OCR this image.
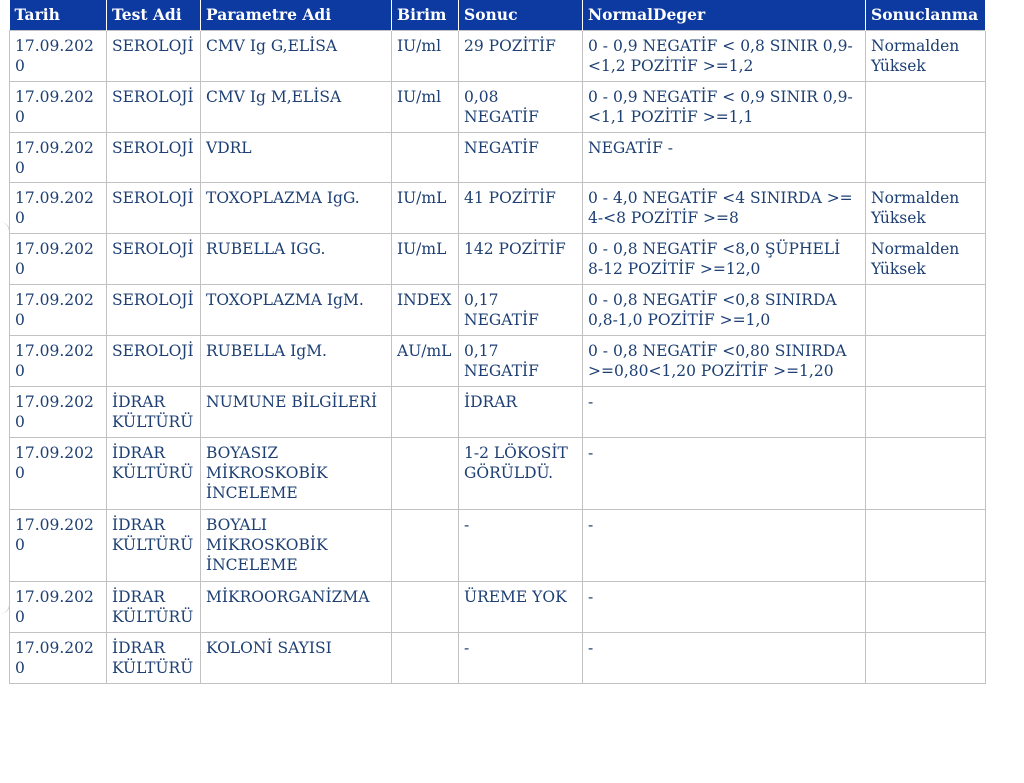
Tarih	Test Adi	Parametre Adi	Birim	Sonuc	NormalDeger	Sonuclanma
17.09.2020	SEROLOJİ	CMV Ig G,ELİSA	IU/ml	29 POZİTİF	0 - 0,9 NEGATİF < 0,8 SINIR 0,9-<1,2 POZİTİF >=1,2	Normalden Yüksek
17.09.2020	SEROLOJİ	CMV Ig M,ELİSA	IU/ml	0,08 NEGATİF	0 - 0,9 NEGATİF < 0,9 SINIR 0,9-<1,1 POZİTİF >=1,1	
17.09.2020	SEROLOJİ	VDRL		NEGATİF	NEGATİF -	
17.09.2020	SEROLOJİ	TOXOPLAZMA IgG.	IU/mL	41 POZİTİF	0 - 4,0 NEGATİF <4 SINIRDA >= 4-<8 POZİTİF >=8	Normalden Yüksek
17.09.2020	SEROLOJİ	RUBELLA IGG.	IU/mL	142 POZİTİF	0 - 0,8 NEGATİF <8,0 ŞÜPHELİ 8-12 POZİTİF >=12,0	Normalden Yüksek
17.09.2020	SEROLOJİ	TOXOPLAZMA IgM.	INDEX	0,17 NEGATİF	0 - 0,8 NEGATİF <0,8 SINIRDA 0,8-1,0 POZİTİF >=1,0	
17.09.2020	SEROLOJİ	RUBELLA IgM.	AU/mL	0,17 NEGATİF	0 - 0,8 NEGATİF <0,80 SINIRDA >=0,80<1,20 POZİTİF >=1,20	
17.09.2020	İDRAR KÜLTÜRÜ	NUMUNE BİLGİLERİ		İDRAR	-	
17.09.2020	İDRAR KÜLTÜRÜ	BOYASIZ MİKROSKOBİK İNCELEME		1-2 LÖKOSİT GÖRÜLDÜ.	-	
17.09.2020	İDRAR KÜLTÜRÜ	BOYALI MİKROSKOBİK İNCELEME		-	-	
17.09.2020	İDRAR KÜLTÜRÜ	MİKROORGANİZMA		ÜREME YOK	-	
17.09.2020	İDRAR KÜLTÜRÜ	KOLONİ SAYISI		-	-	
